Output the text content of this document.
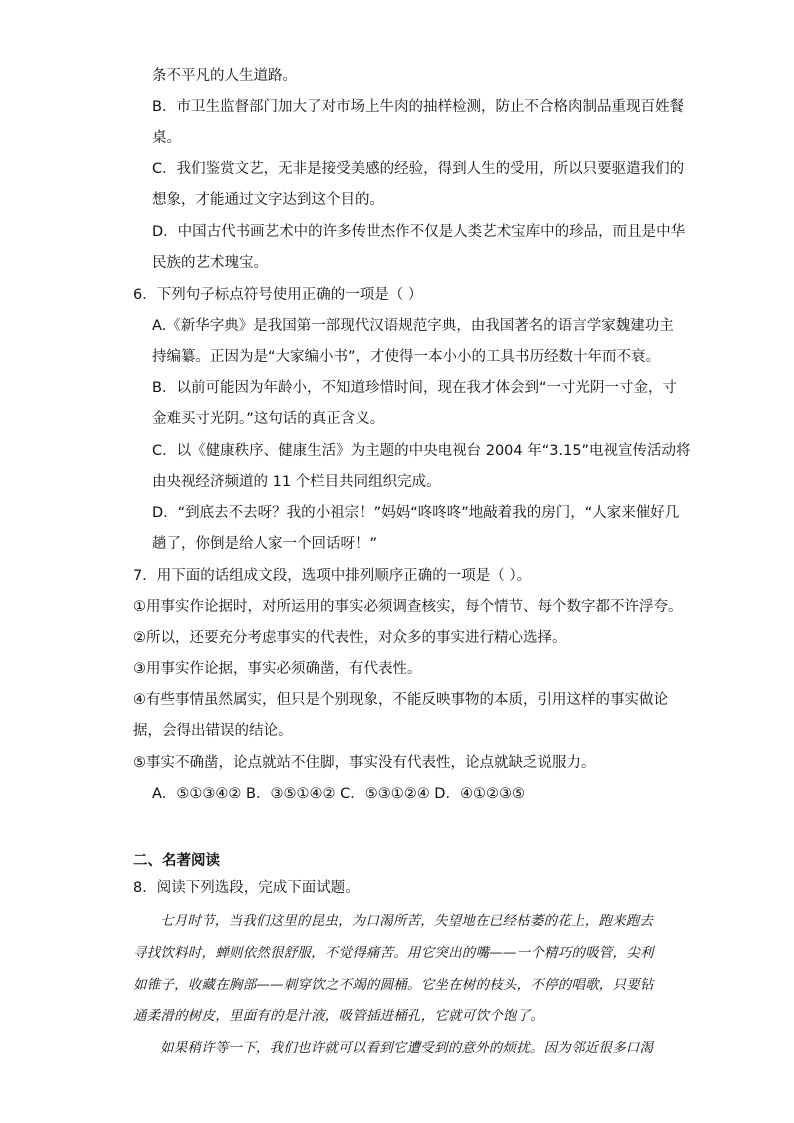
条不平凡的人生道路。
B．市卫生监督部门加大了对市场上牛肉的抽样检测，防止不合格肉制品重现百姓餐
桌。
C．我们鉴赏文艺，无非是接受美感的经验，得到人生的受用，所以只要驱遣我们的
想象，才能通过文字达到这个目的。
D．中国古代书画艺术中的许多传世杰作不仅是人类艺术宝库中的珍品，而且是中华
民族的艺术瑰宝。
6．下列句子标点符号使用正确的一项是（ ）
A.《新华字典》是我国第一部现代汉语规范字典，由我国著名的语言学家魏建功主
持编纂。正因为是“大家编小书”，才使得一本小小的工具书历经数十年而不衰。
B．以前可能因为年龄小，不知道珍惜时间，现在我才体会到“一寸光阴一寸金，寸
金难买寸光阴。”这句话的真正含义。
C．以《健康秩序、健康生活》为主题的中央电视台 2004 年“3.15”电视宣传活动将
由央视经济频道的 11 个栏目共同组织完成。
D．“到底去不去呀？我的小祖宗！”妈妈“咚咚咚”地敲着我的房门，“人家来催好几
趟了，你倒是给人家一个回话呀！”
7．用下面的话组成文段，选项中排列顺序正确的一项是（ ）。
①用事实作论据时，对所运用的事实必须调查核实，每个情节、每个数字都不许浮夸。
②所以，还要充分考虑事实的代表性，对众多的事实进行精心选择。
③用事实作论据，事实必须确凿，有代表性。
④有些事情虽然属实，但只是个别现象，不能反映事物的本质，引用这样的事实做论
据，会得出错误的结论。
⑤事实不确凿，论点就站不住脚，事实没有代表性，论点就缺乏说服力。
A．⑤①③④② B．③⑤①④② C．⑤③①②④ D．④①②③⑤
二、名著阅读
8．阅读下列选段，完成下面试题。
七月时节，当我们这里的昆虫，为口渴所苦，失望地在已经枯萎的花上，跑来跑去
寻找饮料时，蝉则依然很舒服，不觉得痛苦。用它突出的嘴——一个精巧的吸管，尖利
如锥子，收藏在胸部——刺穿饮之不竭的圆桶。它坐在树的枝头，不停的唱歌，只要钻
通柔滑的树皮，里面有的是汁液，吸管插进桶孔，它就可饮个饱了。
如果稍许等一下，我们也许就可以看到它遭受到的意外的烦扰。因为邻近很多口渴
